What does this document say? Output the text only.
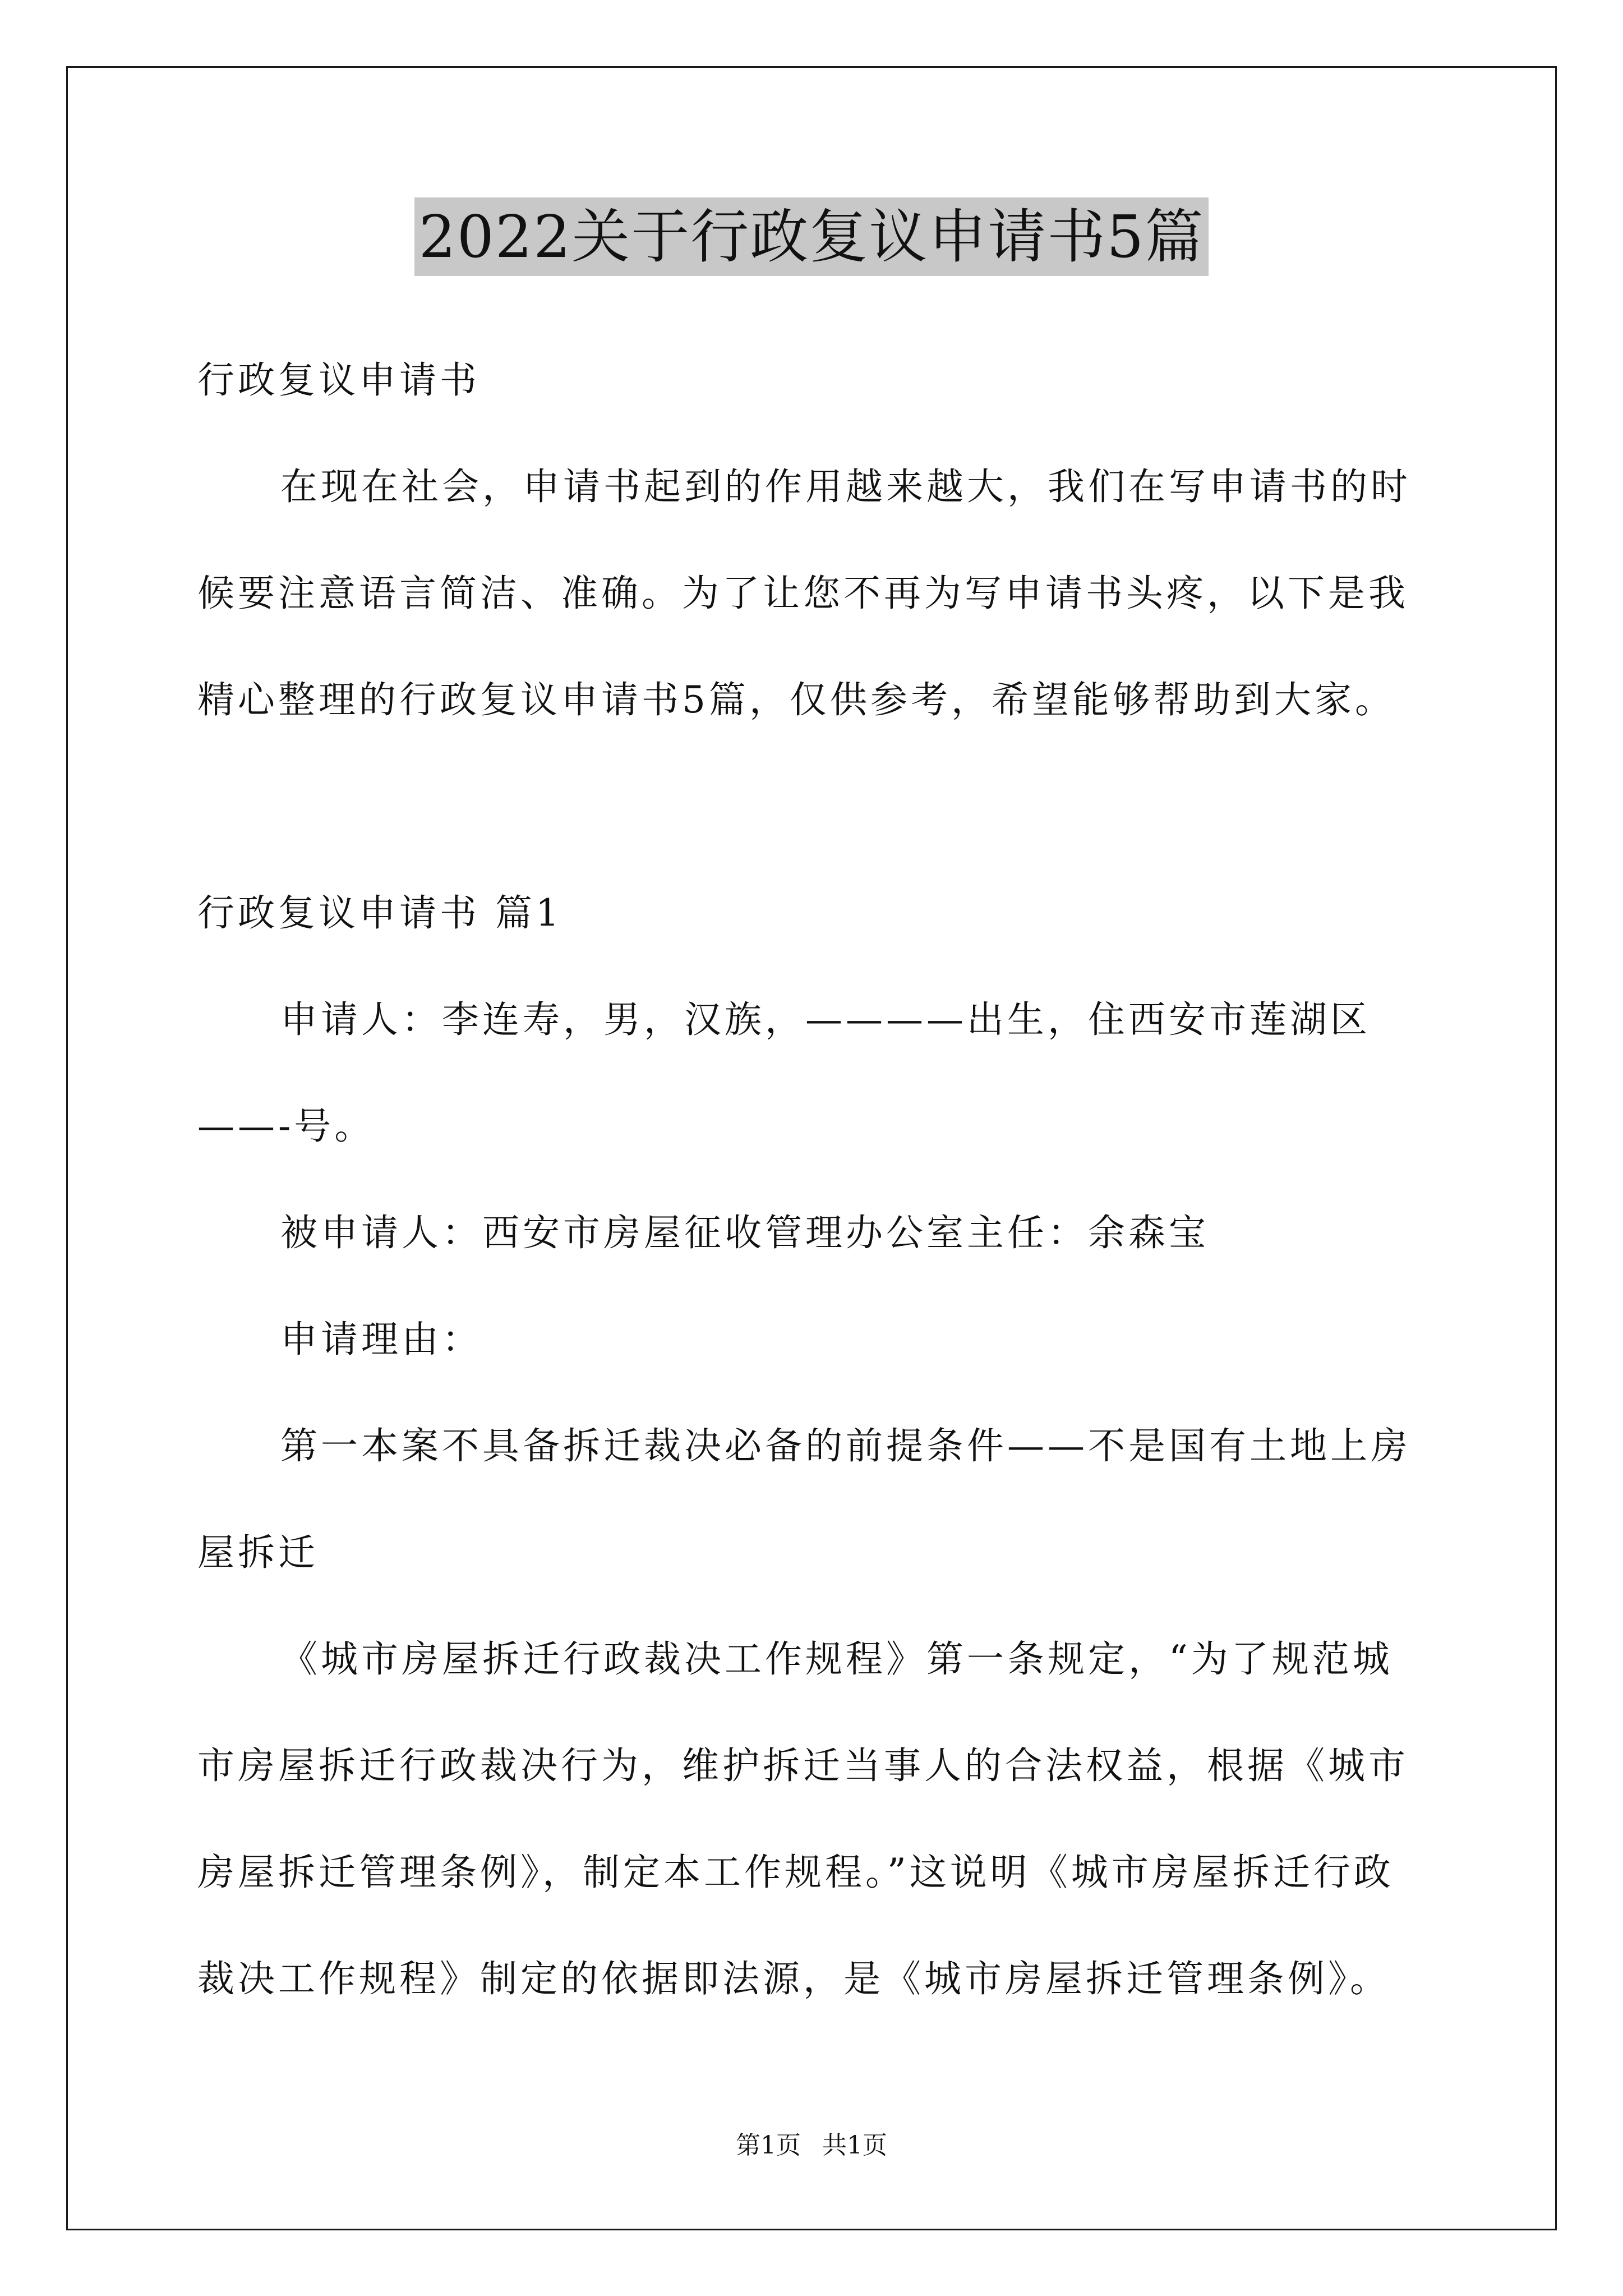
2022关于行政复议申请书5篇
行政复议申请书
在现在社会，申请书起到的作用越来越大，我们在写申请书的时
候要注意语言简洁、准确。为了让您不再为写申请书头疼，以下是我
精心整理的行政复议申请书5篇，仅供参考，希望能够帮助到大家。
行政复议申请书 篇1
申请人：李连寿，男，汉族，————出生，住西安市莲湖区
——-号。
被申请人：西安市房屋征收管理办公室主任：余森宝
申请理由：
第一本案不具备拆迁裁决必备的前提条件——不是国有土地上房
屋拆迁
《城市房屋拆迁行政裁决工作规程》第一条规定，“为了规范城
市房屋拆迁行政裁决行为，维护拆迁当事人的合法权益，根据《城市
房屋拆迁管理条例》，制定本工作规程。”这说明《城市房屋拆迁行政
裁决工作规程》制定的依据即法源，是《城市房屋拆迁管理条例》。
第1页 共1页
